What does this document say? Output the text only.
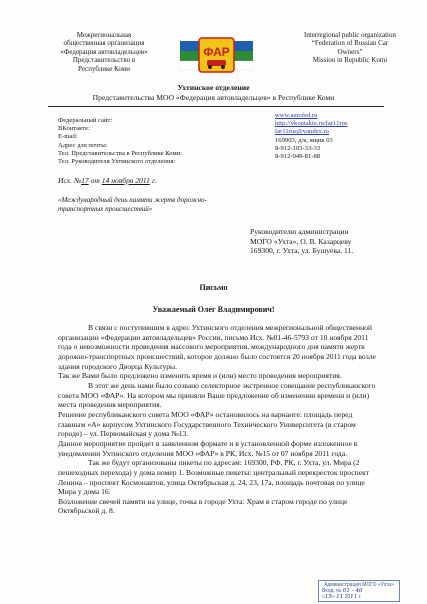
Межрегиональная
общественная организация
«Федерация автовладельцев»
Представительство в
Республике Коми
ФАР
Interregional public organization
“Federation of Russian Car
Owners”
Mission in Republic Komi
Ухтинское отделение
Представительства МОО «Федерация автовладельцев» в Республике Коми
Федеральный сайт:
ВКонтакте:
E-mail:
Адрес для почты:
Тел. Представительства в Республике Коми:
Тел. Руководителя Ухтинского отделения:
www.autofed.ru
http://vkontakte.ru/far11rus
far11rus@yandex.ru
169903, д/к, ящик 03
8-912-103-33-33
8-912-949-81-88
Исх. №17 от 14 ноября 2011 г.
«Международный день памяти жертв дорожно-транспортных происшествий»
Руководителю администрации
МОГО «Ухта», О. В. Казарцеву
169300, г. Ухта, ул. Бушуева, 11.
Письмо
Уважаемый Олег Владимирович!

В связи с поступившим в адрес Ухтинского отделения межрегиональной общественной организации «Федерации автовладельцев» России, письмо Исх. №01-46-5793 от 10 ноября 2011 года о невозможности проведения массового мероприятия, международного дня памяти жертв дорожно-транспортных происшествий, которое должно было состоятся 20 ноября 2011 года возле здания городского Дворца Культуры.

Так же Вами было предложено изменить время и (или) место проведения мероприятия.

В этот же день нами было созвано селекторное экстренное совещание республиканского совета МОО «ФАР». На котором мы приняли Ваше предложение об изменении времени и (или) места проведения мероприятия.

Решение республиканского совета МОО «ФАР» остановилось на варианте: площадь перед главным «А» корпусом Ухтинского Государственного Технического Университета (в старом городе) – ул. Первомайская у дома №13.

Данное мероприятие пройдет в заявленном формате и в установленной форме изложенное в уведомлении Ухтинского отделения МОО «ФАР» в РК, Исх. №15 от 07 ноября 2011 года.

Так же будут организованы пикеты по адресам: 169300, РФ, РК, г. Ухта, ул. Мира (2 пешеходных перехода) у дома номер 1. Возможные пикеты: центральный перекресток проспект Ленина – проспект Космонавтов, улица Октябрьская д. 24, 23, 17а, площадь почтовая по улице Мира у дома 16.

Возложение свечей памяти на улице, точка в городе Ухта: Храм в старом городе по улице Октябрьской д. 8.

Администрация МОГО «Ухта»
Вход. № 01 - 46
«15» 11 2011 г.
